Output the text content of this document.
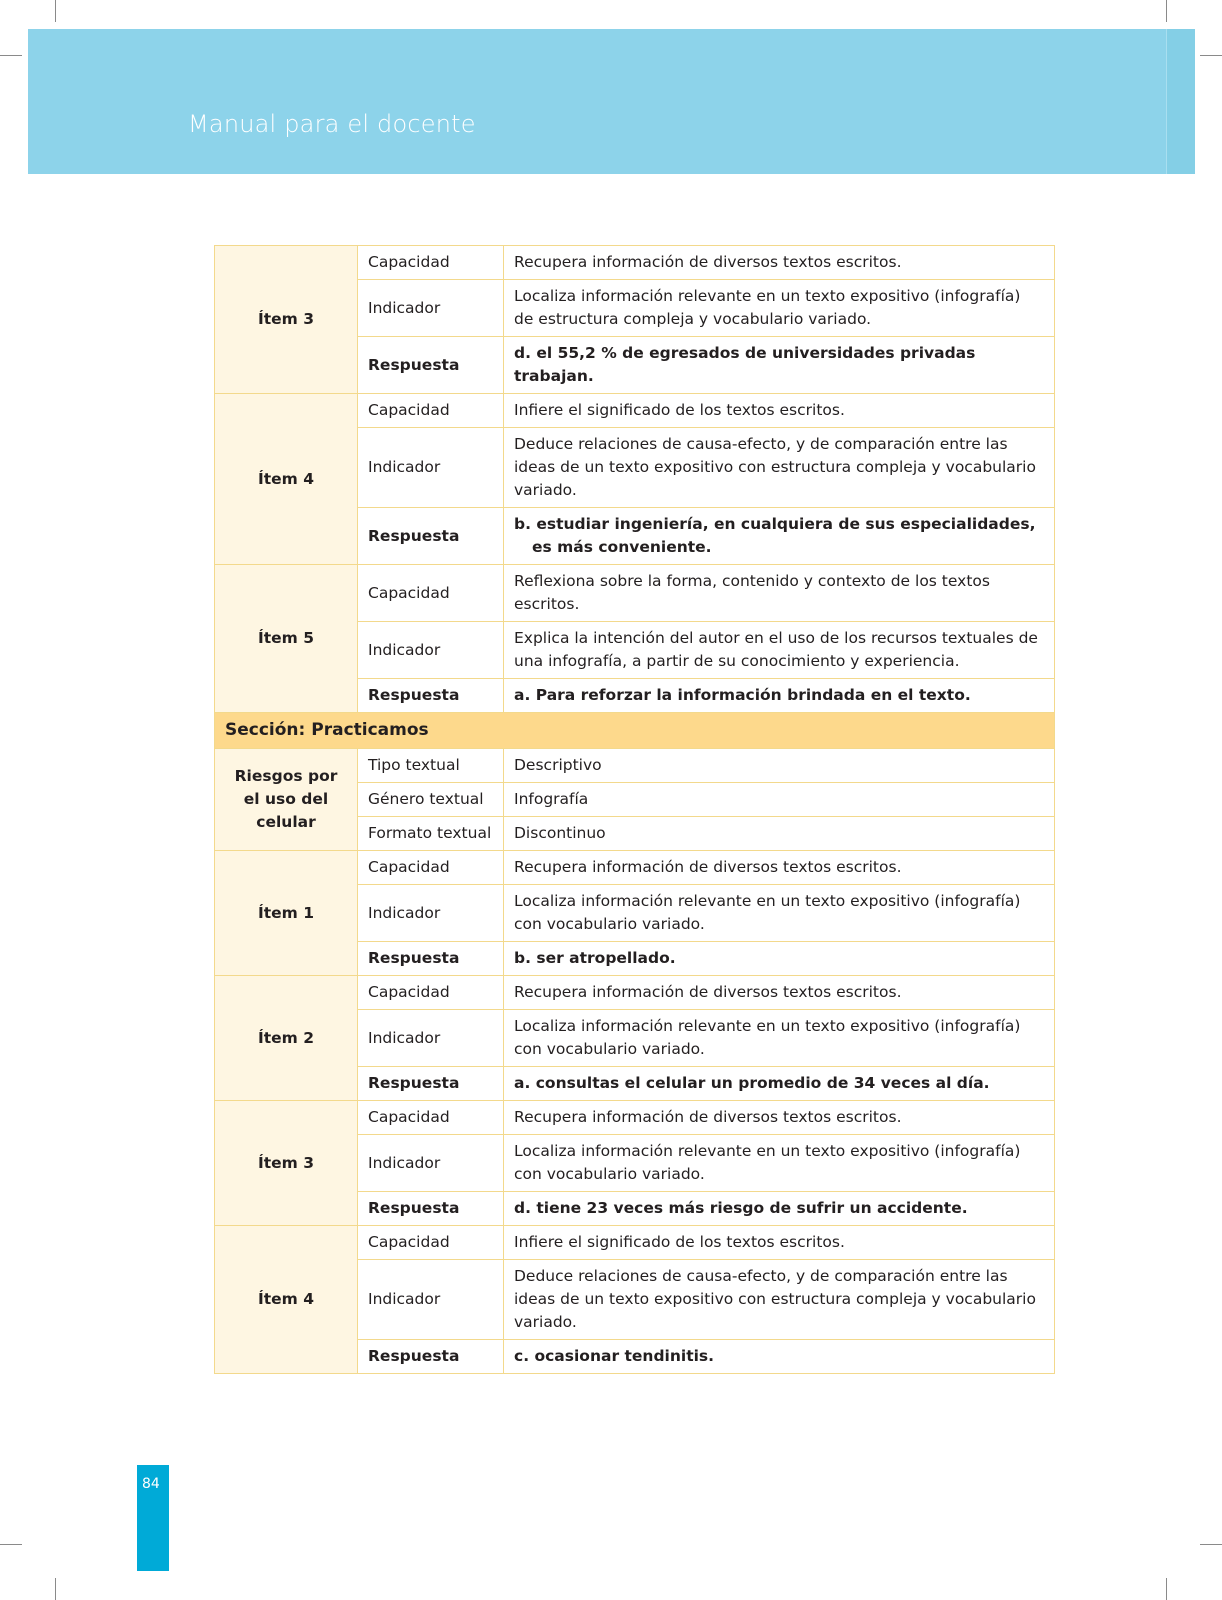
Manual para el docente
Ítem 3	Capacidad	Recupera información de diversos textos escritos.
	Indicador	Localiza información relevante en un texto expositivo (infografía) de estructura compleja y vocabulario variado.
	Respuesta	d. el 55,2 % de egresados de universidades privadas trabajan.
Ítem 4	Capacidad	Infiere el significado de los textos escritos.
	Indicador	Deduce relaciones de causa-efecto, y de comparación entre las ideas de un texto expositivo con estructura compleja y vocabulario variado.
	Respuesta	b. estudiar ingeniería, en cualquiera de sus especialidades, es más conveniente.

Ítem 5	Capacidad	Reflexiona sobre la forma, contenido y contexto de los textos escritos.
	Indicador	Explica la intención del autor en el uso de los recursos textuales de una infografía, a partir de su conocimiento y experiencia.
	Respuesta	a. Para reforzar la información brindada en el texto.
Sección: Practicamos		
Riesgos por el uso del celular	Tipo textual	Descriptivo
	Género textual	Infografía
	Formato textual	Discontinuo
Ítem 1	Capacidad	Recupera información de diversos textos escritos.
	Indicador	Localiza información relevante en un texto expositivo (infografía) con vocabulario variado.
	Respuesta	b. ser atropellado.
Ítem 2	Capacidad	Recupera información de diversos textos escritos.
	Indicador	Localiza información relevante en un texto expositivo (infografía) con vocabulario variado.
	Respuesta	a. consultas el celular un promedio de 34 veces al día.
Ítem 3	Capacidad	Recupera información de diversos textos escritos.
	Indicador	Localiza información relevante en un texto expositivo (infografía) con vocabulario variado.
	Respuesta	d. tiene 23 veces más riesgo de sufrir un accidente.
Ítem 4	Capacidad	Infiere el significado de los textos escritos.
	Indicador	Deduce relaciones de causa-efecto, y de comparación entre las ideas de un texto expositivo con estructura compleja y vocabulario variado.
	Respuesta	c. ocasionar tendinitis.
84
